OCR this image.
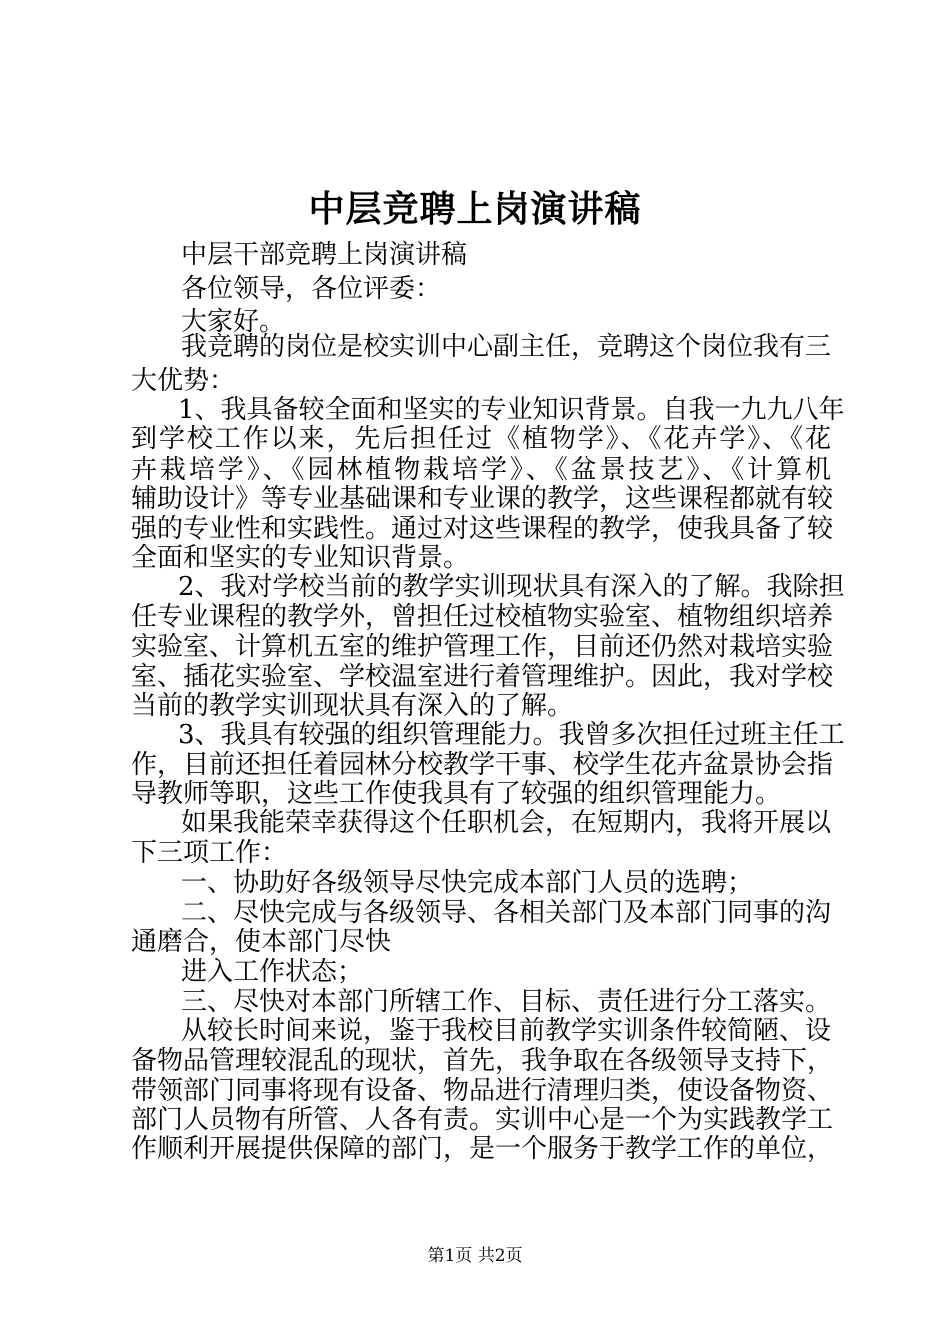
中层竞聘上岗演讲稿
中层干部竞聘上岗演讲稿
各位领导，各位评委：
大家好。
我竞聘的岗位是校实训中心副主任，竞聘这个岗位我有三
大优势：
1、我具备较全面和坚实的专业知识背景。自我一九九八年
到学校工作以来，先后担任过《植物学》、《花卉学》、《花
卉栽培学》、《园林植物栽培学》、《盆景技艺》、《计算机
辅助设计》等专业基础课和专业课的教学，这些课程都就有较
强的专业性和实践性。通过对这些课程的教学，使我具备了较
全面和坚实的专业知识背景。
2、我对学校当前的教学实训现状具有深入的了解。我除担
任专业课程的教学外，曾担任过校植物实验室、植物组织培养
实验室、计算机五室的维护管理工作，目前还仍然对栽培实验
室、插花实验室、学校温室进行着管理维护。因此，我对学校
当前的教学实训现状具有深入的了解。
3、我具有较强的组织管理能力。我曾多次担任过班主任工
作，目前还担任着园林分校教学干事、校学生花卉盆景协会指
导教师等职，这些工作使我具有了较强的组织管理能力。
如果我能荣幸获得这个任职机会，在短期内，我将开展以
下三项工作：
一、协助好各级领导尽快完成本部门人员的选聘；
二、尽快完成与各级领导、各相关部门及本部门同事的沟
通磨合，使本部门尽快
进入工作状态；
三、尽快对本部门所辖工作、目标、责任进行分工落实。
从较长时间来说，鉴于我校目前教学实训条件较简陋、设
备物品管理较混乱的现状，首先，我争取在各级领导支持下，
带领部门同事将现有设备、物品进行清理归类，使设备物资、
部门人员物有所管、人各有责。实训中心是一个为实践教学工
作顺利开展提供保障的部门，是一个服务于教学工作的单位，
第1页 共2页
